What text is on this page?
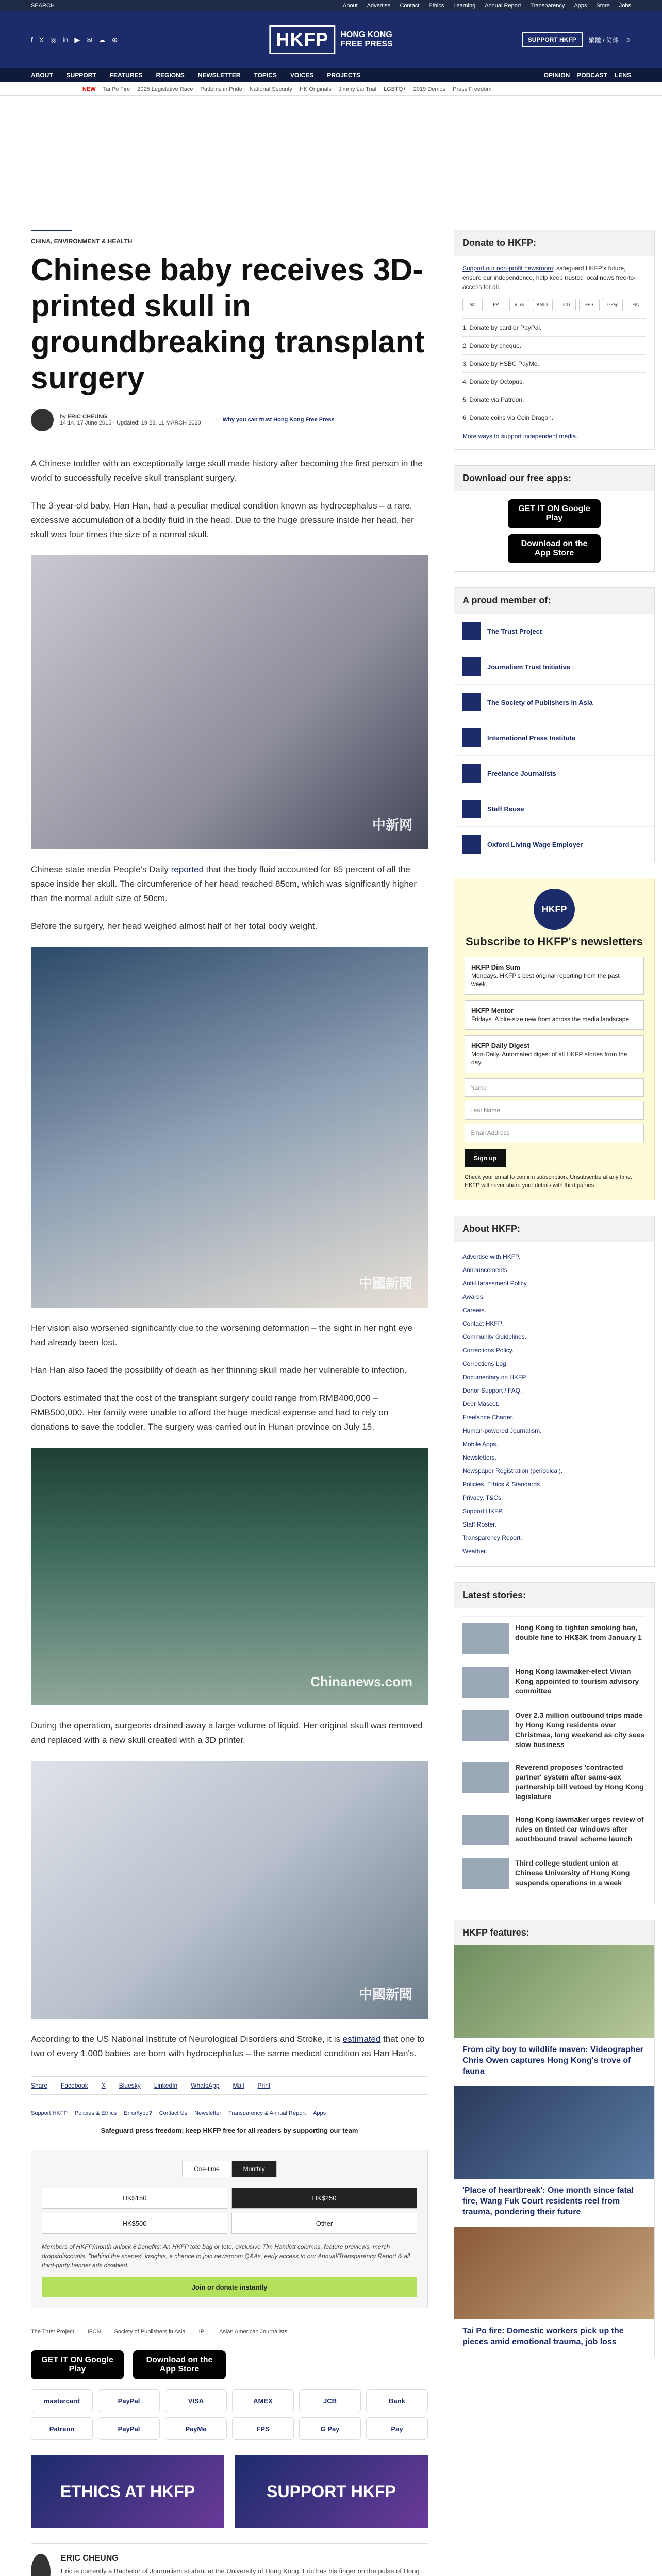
SEARCH	About Advertise Contact Ethics Learning Annual Report Transparency Apps Store Jobs
f X ◎ in ▶ ✉ ☁ ⊕	HKFP	HONG KONG
FREE PRESS	SUPPORT HKFP	繁體 / 简体 ☺
ABOUT SUPPORT FEATURES REGIONS NEWSLETTER TOPICS VOICES PROJECTS	OPINION PODCAST LENS
NEW Tai Po Fire 2025 Legislative Race Patterns in Pride National Security HK Originals Jimmy Lai Trial LGBTQ+ 2019 Demos Press Freedom
CHINA, ENVIRONMENT & HEALTH
Chinese baby receives 3D-printed skull in groundbreaking transplant surgery
by ERIC CHEUNG
14:14, 17 June 2015 · Updated: 19:28, 11 MARCH 2020	Why you can trust Hong Kong Free Press

A Chinese toddler with an exceptionally large skull made history after becoming the first person in the world to successfully receive skull transplant surgery.

The 3-year-old baby, Han Han, had a peculiar medical condition known as hydrocephalus – a rare, excessive accumulation of a bodily fluid in the head. Due to the huge pressure inside her head, her skull was four times the size of a normal skull.

中新网

Chinese state media People's Daily reported that the body fluid accounted for 85 percent of all the space inside her skull. The circumference of her head reached 85cm, which was significantly higher than the normal adult size of 50cm.

Before the surgery, her head weighed almost half of her total body weight.

中國新聞

Her vision also worsened significantly due to the worsening deformation – the sight in her right eye had already been lost.

Han Han also faced the possibility of death as her thinning skull made her vulnerable to infection.

Doctors estimated that the cost of the transplant surgery could range from RMB400,000 – RMB500,000. Her family were unable to afford the huge medical expense and had to rely on donations to save the toddler. The surgery was carried out in Hunan province on July 15.

Chinanews.com

During the operation, surgeons drained away a large volume of liquid. Her original skull was removed and replaced with a new skull created with a 3D printer.

中國新聞

According to the US National Institute of Neurological Disorders and Stroke, it is estimated that one to two of every 1,000 babies are born with hydrocephalus – the same medical condition as Han Han's.

Share Facebook X Bluesky LinkedIn WhatsApp Mail Print
Support HKFP Policies & Ethics Error/typo? Contact Us Newsletter Transparency & Annual Report Apps
Safeguard press freedom; keep HKFP free for all readers by supporting our team
One-time	Monthly
HK$150	HK$250
HK$500	Other
Members of HKFP/month unlock 8 benefits: An HKFP tote bag or tote, exclusive Tim Hamlett columns, feature previews, merch drops/discounts, "behind the scenes" insights, a chance to join newsroom Q&As, early access to our Annual/Transparency Report & all third-party banner ads disabled.
Join or donate instantly
The Trust Project IFCN Society of Publishers in Asia IPI Asian American Journalists
GET IT ON Google Play
Download on the App Store
mastercard	PayPal	VISA	AMEX	JCB	Bank
Patreon	PayPal	PayMe	FPS	G Pay	Pay
ETHICS AT HKFP	SUPPORT HKFP
ERIC CHEUNG

Eric is currently a Bachelor of Journalism student at the University of Hong Kong. Eric has his finger on the pulse of Hong

Donate to HKFP:

Support our non-profit newsroom; safeguard HKFP's future, ensure our independence, help keep trusted local news free-to-access for all.

MC	PP	VISA	AMEX	JCB	FPS	GPay	Pay
1. Donate by card or PayPal.
2. Donate by cheque.
3. Donate by HSBC PayMe.
4. Donate by Octopus.
5. Donate via Patreon.
6. Donate coins via Coin Dragon.

More ways to support independent media.

Download our free apps:
GET IT ON Google Play
Download on the App Store
A proud member of:
The Trust Project
Journalism Trust Initiative
The Society of Publishers in Asia
International Press Institute
Freelance Journalists
Staff Reuse
Oxford Living Wage Employer
HKFP
Subscribe to HKFP's newsletters
HKFP Dim Sum
Mondays. HKFP's best original reporting from the past week.
HKFP Mentor
Fridays. A bite-size new from across the media landscape.
HKFP Daily Digest
Mon-Daily. Automated digest of all HKFP stories from the day.
Name
Last Name
Email Address
Sign up

Check your email to confirm subscription. Unsubscribe at any time. HKFP will never share your details with third parties.

About HKFP:
Advertise with HKFP.
Announcements.
Anti-Harassment Policy.
Awards.
Careers.
Contact HKFP.
Community Guidelines.
Corrections Policy.
Corrections Log.
Documentary on HKFP.
Donor Support / FAQ.
Deer Mascot.
Freelance Charter.
Human-powered Journalism.
Mobile Apps.
Newsletters.
Newspaper Registration (periodical).
Policies, Ethics & Standards.
Privacy, T&Cs.
Support HKFP.
Staff Roster.
Transparency Report.
Weather.
Latest stories:
Hong Kong to tighten smoking ban, double fine to HK$3K from January 1
Hong Kong lawmaker-elect Vivian Kong appointed to tourism advisory committee
Over 2.3 million outbound trips made by Hong Kong residents over Christmas, long weekend as city sees slow business
Reverend proposes 'contracted partner' system after same-sex partnership bill vetoed by Hong Kong legislature
Hong Kong lawmaker urges review of rules on tinted car windows after southbound travel scheme launch
Third college student union at Chinese University of Hong Kong suspends operations in a week
HKFP features:
From city boy to wildlife maven: Videographer Chris Owen captures Hong Kong's trove of fauna
'Place of heartbreak': One month since fatal fire, Wang Fuk Court residents reel from trauma, pondering their future
Tai Po fire: Domestic workers pick up the pieces amid emotional trauma, job loss
